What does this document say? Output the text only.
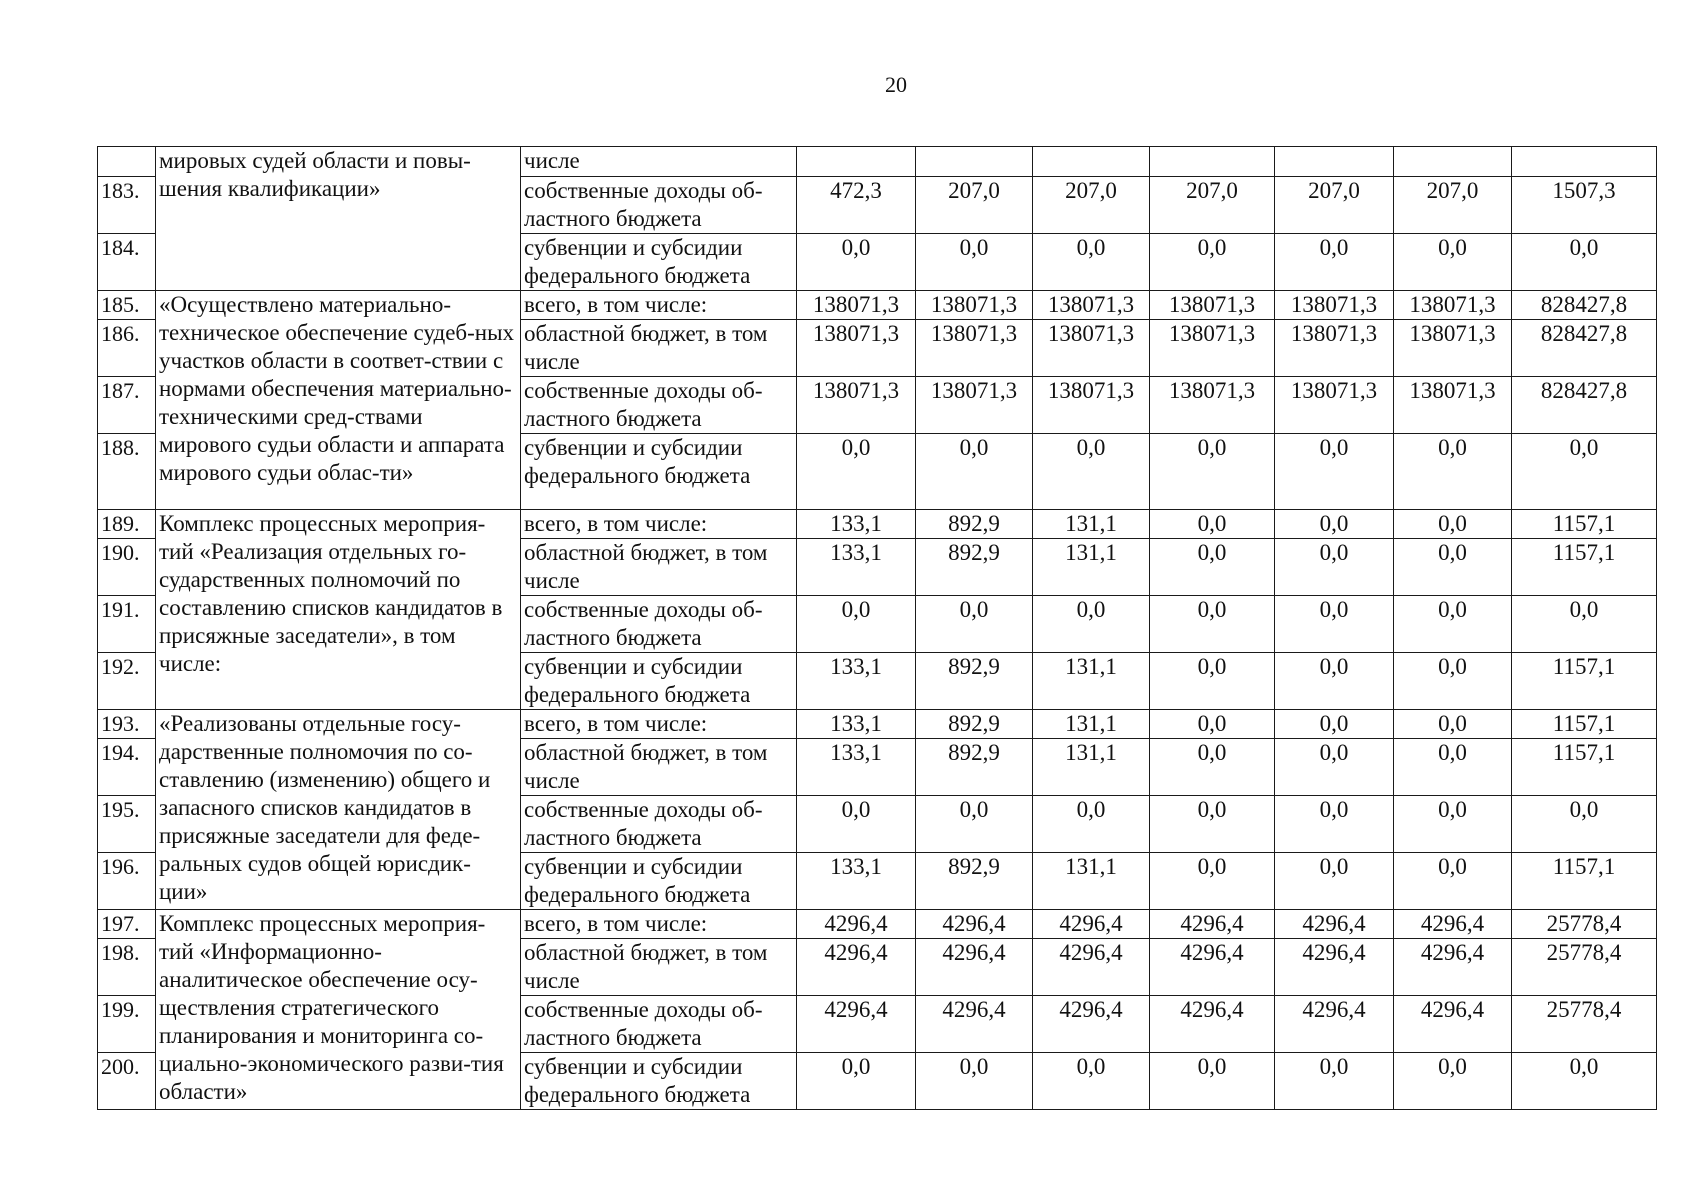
20
	мировых судей области и повы-шения квалификации»	числе							
183.		собственные доходы об-ластного бюджета	472,3	207,0	207,0	207,0	207,0	207,0	1507,3
184.		субвенции и субсидии федерального бюджета	0,0	0,0	0,0	0,0	0,0	0,0	0,0
185.	«Осуществлено материально-техническое обеспечение судеб-ных участков области в соответ-ствии с нормами обеспечения материально-техническими сред-ствами мирового судьи области и аппарата мирового судьи облас-ти»	всего, в том числе:	138071,3	138071,3	138071,3	138071,3	138071,3	138071,3	828427,8
186.		областной бюджет, в том числе	138071,3	138071,3	138071,3	138071,3	138071,3	138071,3	828427,8
187.		собственные доходы об-ластного бюджета	138071,3	138071,3	138071,3	138071,3	138071,3	138071,3	828427,8
188.		субвенции и субсидии федерального бюджета	0,0	0,0	0,0	0,0	0,0	0,0	0,0
189.	Комплекс процессных мероприя-тий «Реализация отдельных го-сударственных полномочий по составлению списков кандидатов в присяжные заседатели», в том числе:	всего, в том числе:	133,1	892,9	131,1	0,0	0,0	0,0	1157,1
190.		областной бюджет, в том числе	133,1	892,9	131,1	0,0	0,0	0,0	1157,1
191.		собственные доходы об-ластного бюджета	0,0	0,0	0,0	0,0	0,0	0,0	0,0
192.		субвенции и субсидии федерального бюджета	133,1	892,9	131,1	0,0	0,0	0,0	1157,1
193.	«Реализованы отдельные госу-дарственные полномочия по со-ставлению (изменению) общего и запасного списков кандидатов в присяжные заседатели для феде-ральных судов общей юрисдик-ции»	всего, в том числе:	133,1	892,9	131,1	0,0	0,0	0,0	1157,1
194.		областной бюджет, в том числе	133,1	892,9	131,1	0,0	0,0	0,0	1157,1
195.		собственные доходы об-ластного бюджета	0,0	0,0	0,0	0,0	0,0	0,0	0,0
196.		субвенции и субсидии федерального бюджета	133,1	892,9	131,1	0,0	0,0	0,0	1157,1
197.	Комплекс процессных мероприя-тий «Информационно-аналитическое обеспечение осу-ществления стратегического планирования и мониторинга со-циально-экономического разви-тия области»	всего, в том числе:	4296,4	4296,4	4296,4	4296,4	4296,4	4296,4	25778,4
198.		областной бюджет, в том числе	4296,4	4296,4	4296,4	4296,4	4296,4	4296,4	25778,4
199.		собственные доходы об-ластного бюджета	4296,4	4296,4	4296,4	4296,4	4296,4	4296,4	25778,4
200.		субвенции и субсидии федерального бюджета	0,0	0,0	0,0	0,0	0,0	0,0	0,0
